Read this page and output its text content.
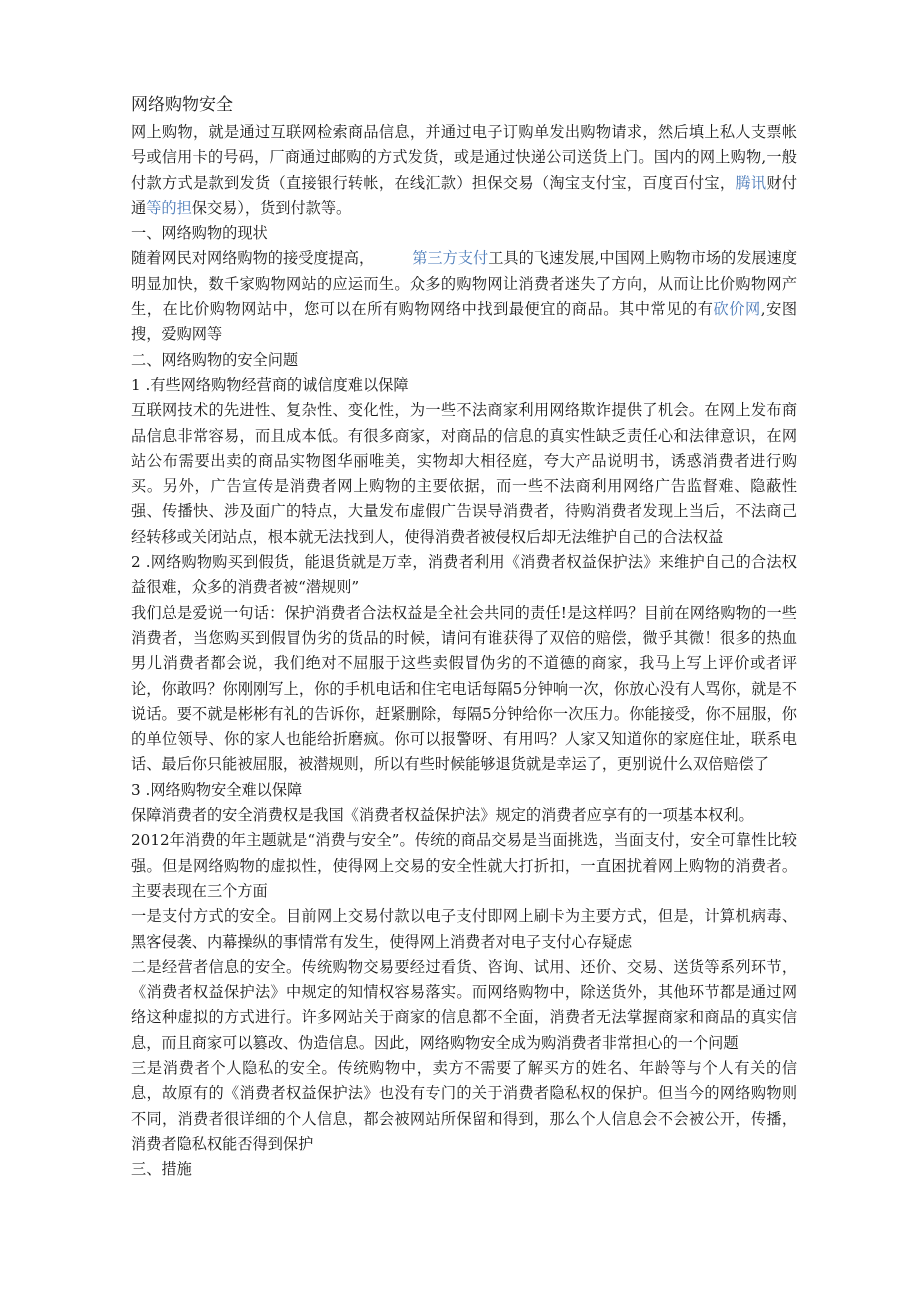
网络购物安全

网上购物，就是通过互联网检索商品信息，并通过电子订购单发出购物请求，然后填上私人支票帐号或信用卡的号码，厂商通过邮购的方式发货，或是通过快递公司送货上门。国内的网上购物,一般付款方式是款到发货（直接银行转帐，在线汇款）担保交易（淘宝支付宝，百度百付宝，腾讯财付通等的担保交易），货到付款等。

一、网络购物的现状

随着网民对网络购物的接受度提高，	第三方支付工具的飞速发展,中国网上购物市场的发展速度明显加快，数千家购物网站的应运而生。众多的购物网让消费者迷失了方向，从而让比价购物网产生，在比价购物网站中，您可以在所有购物网络中找到最便宜的商品。其中常见的有砍价网,安图搜，爱购网等

二、网络购物的安全问题

1 .有些网络购物经营商的诚信度难以保障

互联网技术的先进性、复杂性、变化性，为一些不法商家利用网络欺诈提供了机会。在网上发布商品信息非常容易，而且成本低。有很多商家，对商品的信息的真实性缺乏责任心和法律意识，在网站公布需要出卖的商品实物图华丽唯美，实物却大相径庭，夸大产品说明书，诱惑消费者进行购买。另外，广告宣传是消费者网上购物的主要依据，而一些不法商利用网络广告监督难、隐蔽性强、传播快、涉及面广的特点，大量发布虚假广告误导消费者，待购消费者发现上当后，不法商己经转移或关闭站点，根本就无法找到人，使得消费者被侵权后却无法维护自己的合法权益

2 .网络购物购买到假货，能退货就是万幸，消费者利用《消费者权益保护法》来维护自己的合法权益很难，众多的消费者被“潜规则”

我们总是爱说一句话：保护消费者合法权益是全社会共同的责任!是这样吗？目前在网络购物的一些消费者，当您购买到假冒伪劣的货品的时候，请问有谁获得了双倍的赔偿，微乎其微！很多的热血男儿消费者都会说，我们绝对不屈服于这些卖假冒伪劣的不道德的商家，我马上写上评价或者评论，你敢吗？你刚刚写上，你的手机电话和住宅电话每隔5分钟响一次，你放心没有人骂你，就是不说话。要不就是彬彬有礼的告诉你，赶紧删除，每隔5分钟给你一次压力。你能接受，你不屈服，你的单位领导、你的家人也能给折磨疯。你可以报警呀、有用吗？人家又知道你的家庭住址，联系电话、最后你只能被屈服，被潜规则，所以有些时候能够退货就是幸运了，更别说什么双倍赔偿了

3 .网络购物安全难以保障

保障消费者的安全消费权是我国《消费者权益保护法》规定的消费者应享有的一项基本权利。

2012年消费的年主题就是“消费与安全”。传统的商品交易是当面挑选，当面支付，安全可靠性比较强。但是网络购物的虚拟性，使得网上交易的安全性就大打折扣，一直困扰着网上购物的消费者。主要表现在三个方面

一是支付方式的安全。目前网上交易付款以电子支付即网上刷卡为主要方式，但是，计算机病毒、黑客侵袭、内幕操纵的事情常有发生，使得网上消费者对电子支付心存疑虑

二是经营者信息的安全。传统购物交易要经过看货、咨询、试用、还价、交易、送货等系列环节，《消费者权益保护法》中规定的知情权容易落实。而网络购物中，除送货外，其他环节都是通过网络这种虚拟的方式进行。许多网站关于商家的信息都不全面，消费者无法掌握商家和商品的真实信息，而且商家可以篡改、伪造信息。因此，网络购物安全成为购消费者非常担心的一个问题

三是消费者个人隐私的安全。传统购物中，卖方不需要了解买方的姓名、年龄等与个人有关的信息，故原有的《消费者权益保护法》也没有专门的关于消费者隐私权的保护。但当今的网络购物则不同，消费者很详细的个人信息，都会被网站所保留和得到，那么个人信息会不会被公开，传播，消费者隐私权能否得到保护

三、措施
